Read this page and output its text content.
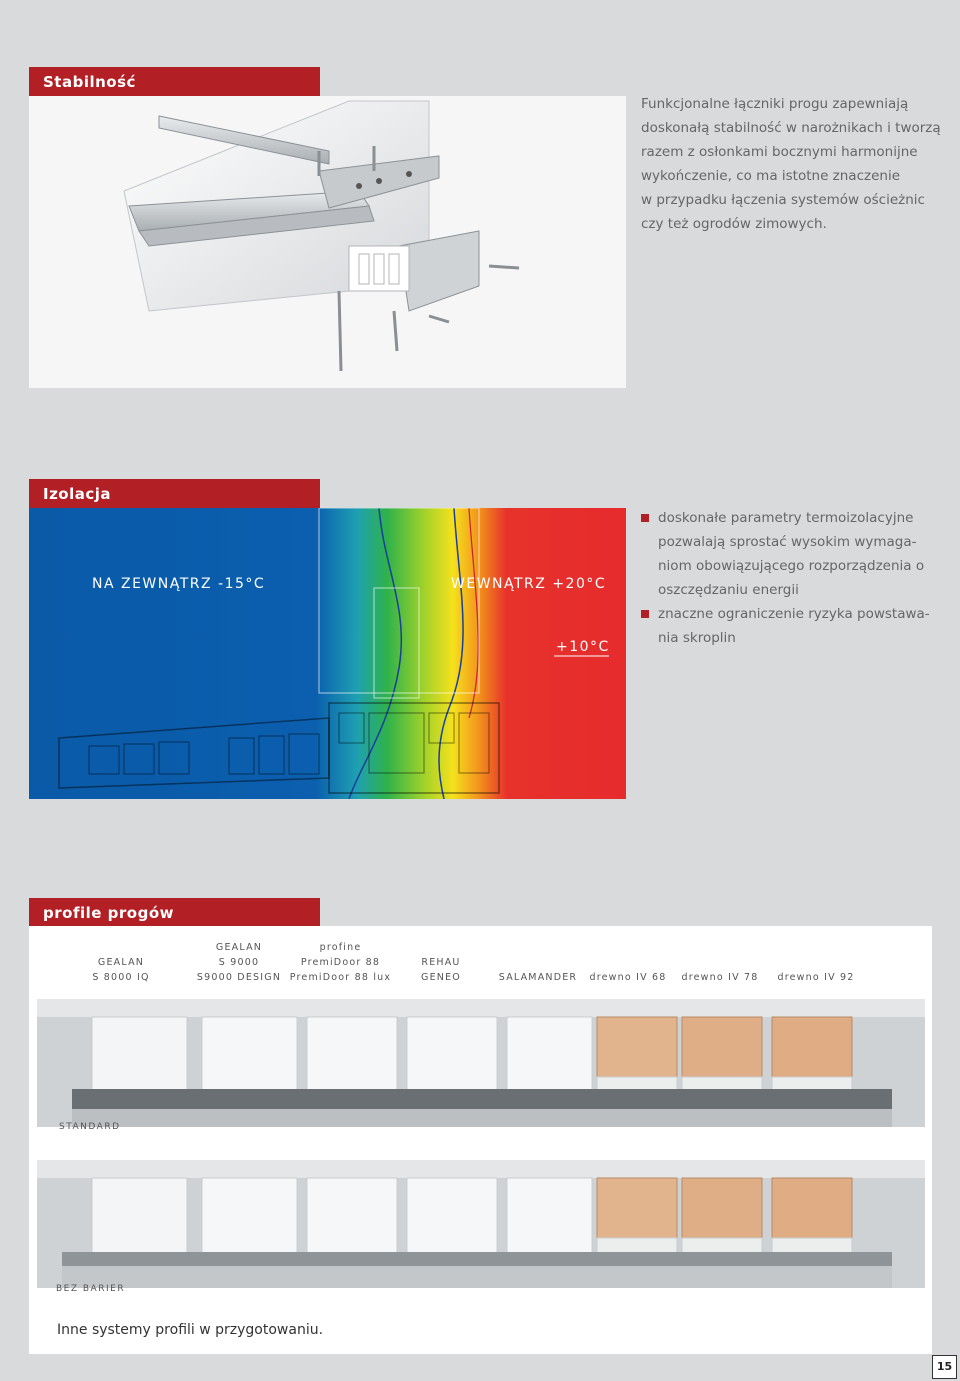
Stabilność
Funkcjonalne łączniki progu zapewniają
doskonałą stabilność w narożnikach i tworzą
razem z osłonkami bocznymi harmonijne
wykończenie, co ma istotne znaczenie
w przypadku łączenia systemów ościeżnic
czy też ogrodów zimowych.
Izolacja
NA ZEWNĄTRZ -15°C	WEWNĄTRZ +20°C
+10°C
doskonałe parametry termoizolacyjne pozwalają sprostać wysokim wymaga- niom obowiązującego rozporządzenia o oszczędzaniu energii
znaczne ograniczenie ryzyka powstawa- nia skroplin
profile progów

GEALAN
S 8000 IQ
GEALAN
S 9000
S9000 DESIGN
profine
PremiDoor 88
PremiDoor 88 lux

REHAU
GENEO

	SALAMANDER

	drewno IV 68

	drewno IV 78

	drewno IV 92
STANDARD
BEZ BARIER
Inne systemy profili w przygotowaniu.
15
